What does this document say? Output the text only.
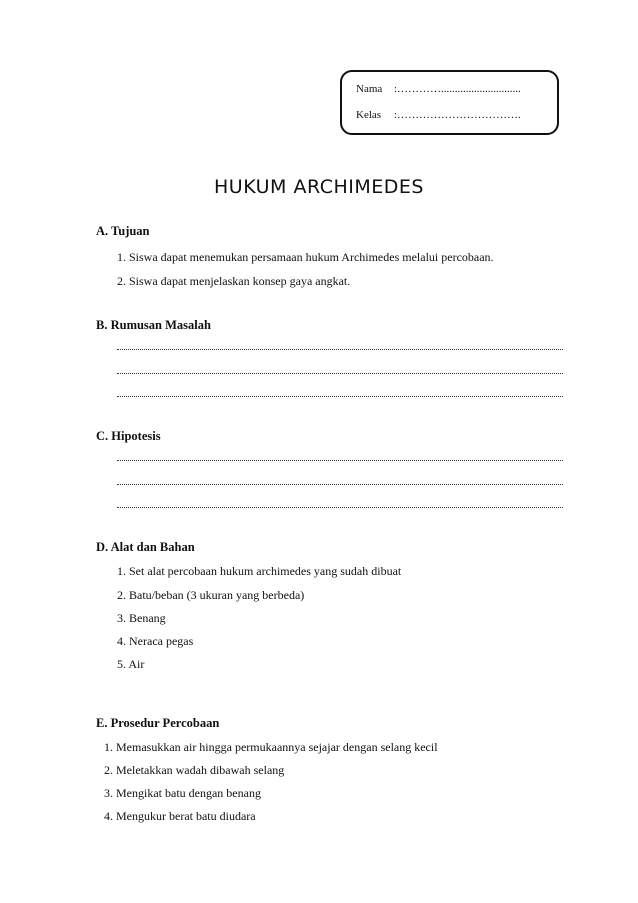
Nama :………….............................
Kelas :…………………………….
HUKUM ARCHIMEDES
A. Tujuan
1. Siswa dapat menemukan persamaan hukum Archimedes melalui percobaan.
2. Siswa dapat menjelaskan konsep gaya angkat.
B. Rumusan Masalah
C. Hipotesis
D. Alat dan Bahan
1. Set alat percobaan hukum archimedes yang sudah dibuat
2. Batu/beban (3 ukuran yang berbeda)
3. Benang
4. Neraca pegas
5. Air
E. Prosedur Percobaan
1. Memasukkan air hingga permukaannya sejajar dengan selang kecil
2. Meletakkan wadah dibawah selang
3. Mengikat batu dengan benang
4. Mengukur berat batu diudara
